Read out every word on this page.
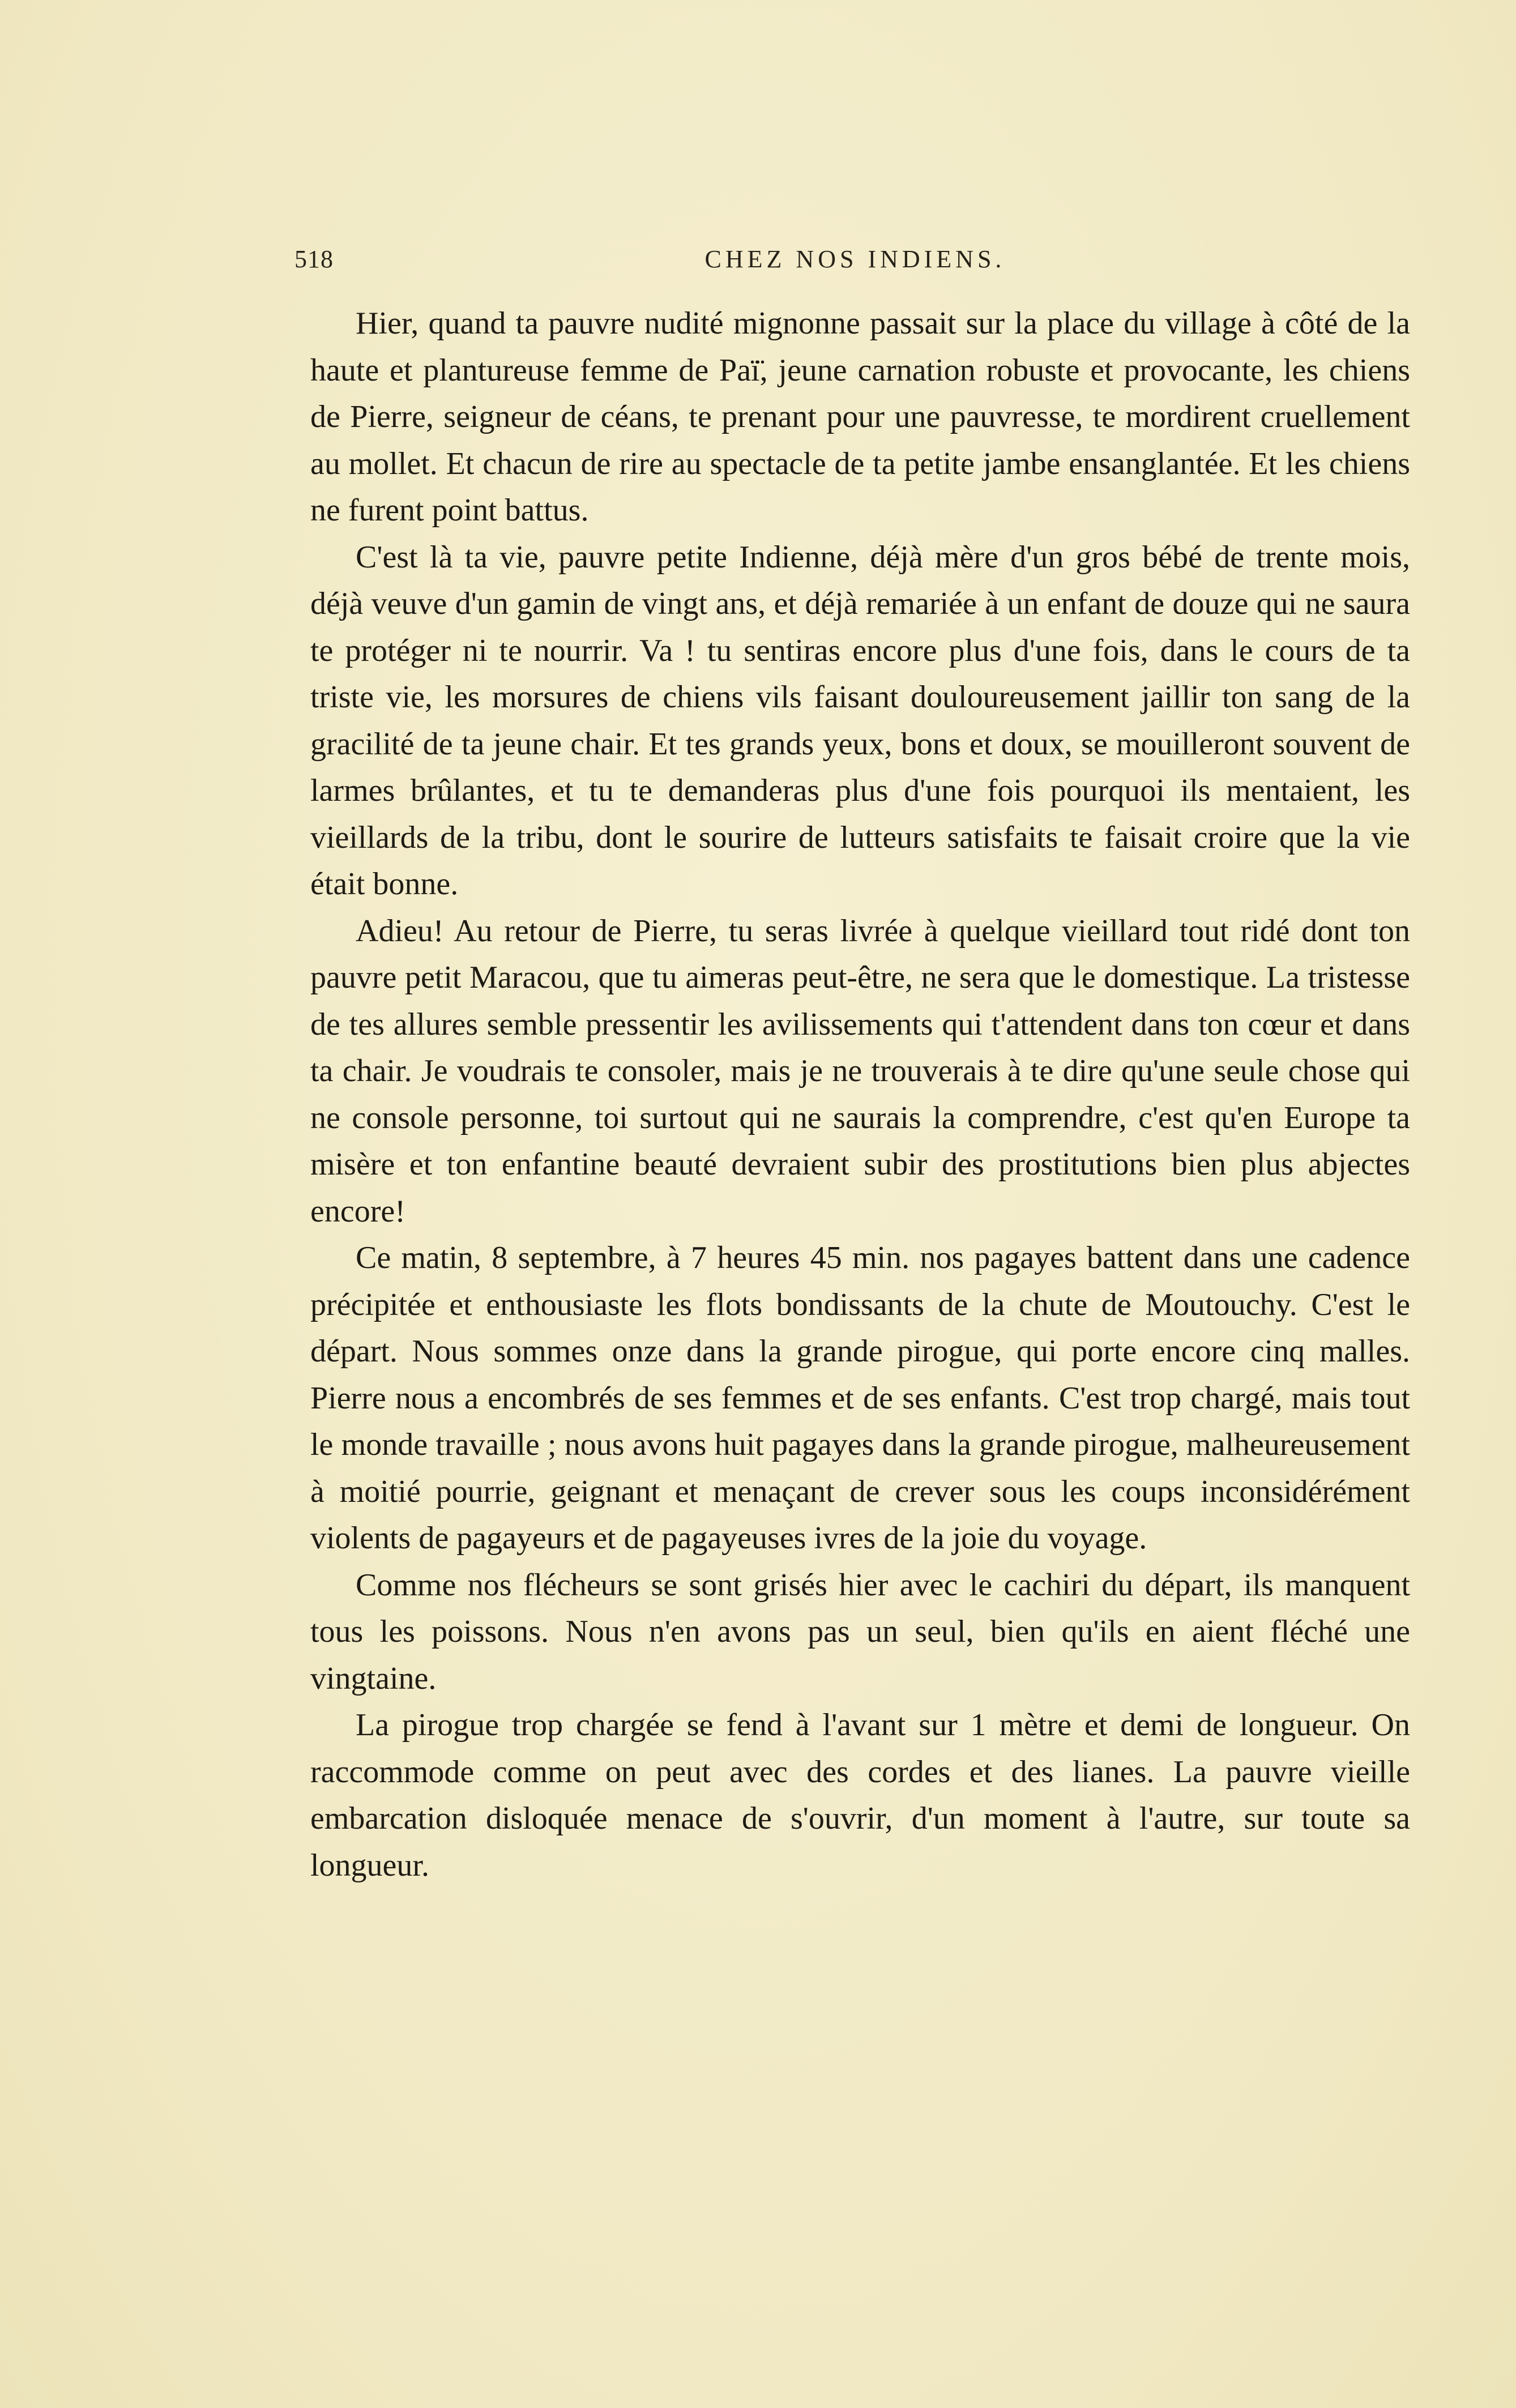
518	CHEZ NOS INDIENS.

Hier, quand ta pauvre nudité mignonne passait sur la place du village à côté de la haute et plantureuse femme de Paï̈, jeune carnation robuste et provocante, les chiens de Pierre, seigneur de céans, te prenant pour une pauvresse, te mordirent cruellement au mollet. Et chacun de rire au spectacle de ta petite jambe ensanglantée. Et les chiens ne furent point battus.

C'est là ta vie, pauvre petite Indienne, déjà mère d'un gros bébé de trente mois, déjà veuve d'un gamin de vingt ans, et déjà remariée à un enfant de douze qui ne saura te protéger ni te nourrir. Va ! tu sentiras encore plus d'une fois, dans le cours de ta triste vie, les morsures de chiens vils faisant douloureusement jaillir ton sang de la gracilité de ta jeune chair. Et tes grands yeux, bons et doux, se mouilleront souvent de larmes brûlantes, et tu te demanderas plus d'une fois pourquoi ils mentaient, les vieillards de la tribu, dont le sourire de lutteurs satisfaits te faisait croire que la vie était bonne.

Adieu! Au retour de Pierre, tu seras livrée à quelque vieillard tout ridé dont ton pauvre petit Maracou, que tu aimeras peut-être, ne sera que le domestique. La tristesse de tes allures semble pressentir les avilissements qui t'attendent dans ton cœur et dans ta chair. Je voudrais te consoler, mais je ne trouverais à te dire qu'une seule chose qui ne console personne, toi surtout qui ne saurais la comprendre, c'est qu'en Europe ta misère et ton enfantine beauté devraient subir des prostitutions bien plus abjectes encore!

Ce matin, 8 septembre, à 7 heures 45 min. nos pagayes battent dans une cadence précipitée et enthousiaste les flots bondissants de la chute de Moutouchy. C'est le départ. Nous sommes onze dans la grande pirogue, qui porte encore cinq malles. Pierre nous a encombrés de ses femmes et de ses enfants. C'est trop chargé, mais tout le monde travaille ; nous avons huit pagayes dans la grande pirogue, malheureusement à moitié pourrie, geignant et menaçant de crever sous les coups inconsidérément violents de pagayeurs et de pagayeuses ivres de la joie du voyage.

Comme nos flécheurs se sont grisés hier avec le cachiri du départ, ils manquent tous les poissons. Nous n'en avons pas un seul, bien qu'ils en aient fléché une vingtaine.

La pirogue trop chargée se fend à l'avant sur 1 mètre et demi de longueur. On raccommode comme on peut avec des cordes et des lianes. La pauvre vieille embarcation disloquée menace de s'ouvrir, d'un moment à l'autre, sur toute sa longueur.
